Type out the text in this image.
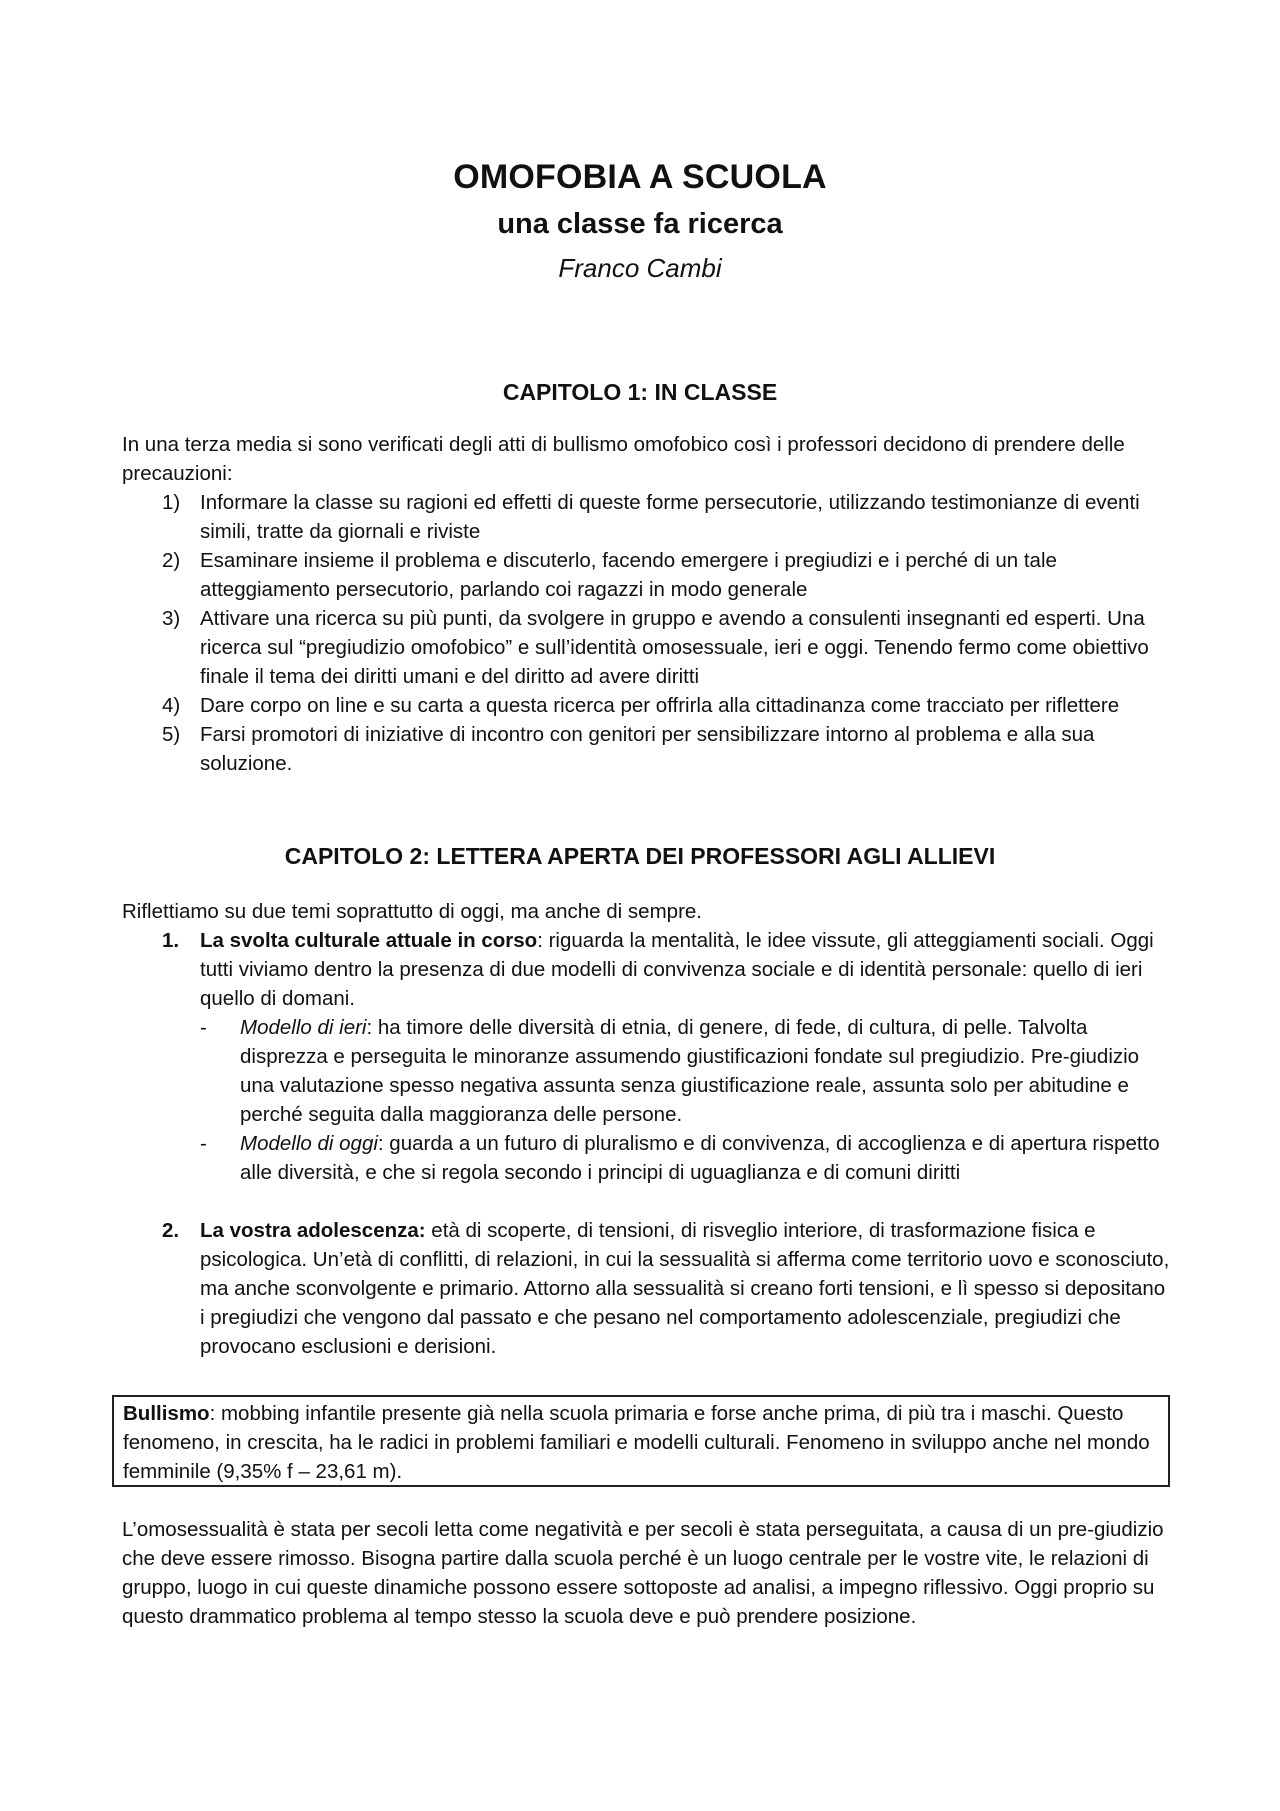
OMOFOBIA A SCUOLA
una classe fa ricerca
Franco Cambi
CAPITOLO 1: IN CLASSE

In una terza media si sono verificati degli atti di bullismo omofobico così i professori decidono di prendere delle precauzioni:

1) Informare la classe su ragioni ed effetti di queste forme persecutorie, utilizzando testimonianze di eventi simili, tratte da giornali e riviste
2) Esaminare insieme il problema e discuterlo, facendo emergere i pregiudizi e i perché di un tale atteggiamento persecutorio, parlando coi ragazzi in modo generale
3) Attivare una ricerca su più punti, da svolgere in gruppo e avendo a consulenti insegnanti ed esperti. Una ricerca sul “pregiudizio omofobico” e sull’identità omosessuale, ieri e oggi. Tenendo fermo come obiettivo finale il tema dei diritti umani e del diritto ad avere diritti
4) Dare corpo on line e su carta a questa ricerca per offrirla alla cittadinanza come tracciato per riflettere
5) Farsi promotori di iniziative di incontro con genitori per sensibilizzare intorno al problema e alla sua soluzione.
CAPITOLO 2: LETTERA APERTA DEI PROFESSORI AGLI ALLIEVI

Riflettiamo su due temi soprattutto di oggi, ma anche di sempre.

1. La svolta culturale attuale in corso: riguarda la mentalità, le idee vissute, gli atteggiamenti sociali. Oggi tutti viviamo dentro la presenza di due modelli di convivenza sociale e di identità personale: quello di ieri quello di domani.
- Modello di ieri: ha timore delle diversità di etnia, di genere, di fede, di cultura, di pelle. Talvolta disprezza e perseguita le minoranze assumendo giustificazioni fondate sul pregiudizio. Pre-giudizio una valutazione spesso negativa assunta senza giustificazione reale, assunta solo per abitudine e perché seguita dalla maggioranza delle persone.
- Modello di oggi: guarda a un futuro di pluralismo e di convivenza, di accoglienza e di apertura rispetto alle diversità, e che si regola secondo i principi di uguaglianza e di comuni diritti
2. La vostra adolescenza: età di scoperte, di tensioni, di risveglio interiore, di trasformazione fisica e psicologica. Un’età di conflitti, di relazioni, in cui la sessualità si afferma come territorio uovo e sconosciuto, ma anche sconvolgente e primario. Attorno alla sessualità si creano forti tensioni, e lì spesso si depositano i pregiudizi che vengono dal passato e che pesano nel comportamento adolescenziale, pregiudizi che provocano esclusioni e derisioni.
Bullismo: mobbing infantile presente già nella scuola primaria e forse anche prima, di più tra i maschi. Questo fenomeno, in crescita, ha le radici in problemi familiari e modelli culturali. Fenomeno in sviluppo anche nel mondo femminile (9,35% f – 23,61 m).

L’omosessualità è stata per secoli letta come negatività e per secoli è stata perseguitata, a causa di un pre-giudizio che deve essere rimosso. Bisogna partire dalla scuola perché è un luogo centrale per le vostre vite, le relazioni di gruppo, luogo in cui queste dinamiche possono essere sottoposte ad analisi, a impegno riflessivo. Oggi proprio su questo drammatico problema al tempo stesso la scuola deve e può prendere posizione.
